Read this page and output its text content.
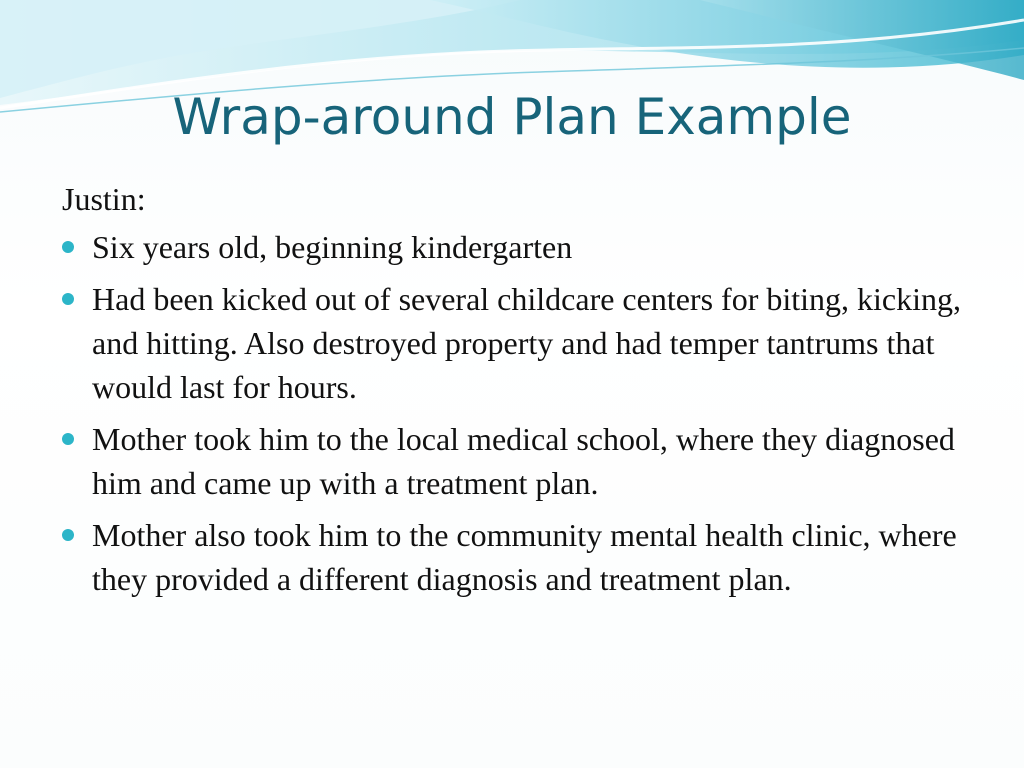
Wrap-around Plan Example

Justin:

Six years old, beginning kindergarten
Had been kicked out of several childcare centers for biting, kicking, and hitting. Also destroyed property and had temper tantrums that would last for hours.
Mother took him to the local medical school, where they diagnosed him and came up with a treatment plan.
Mother also took him to the community mental health clinic, where they provided a different diagnosis and treatment plan.
